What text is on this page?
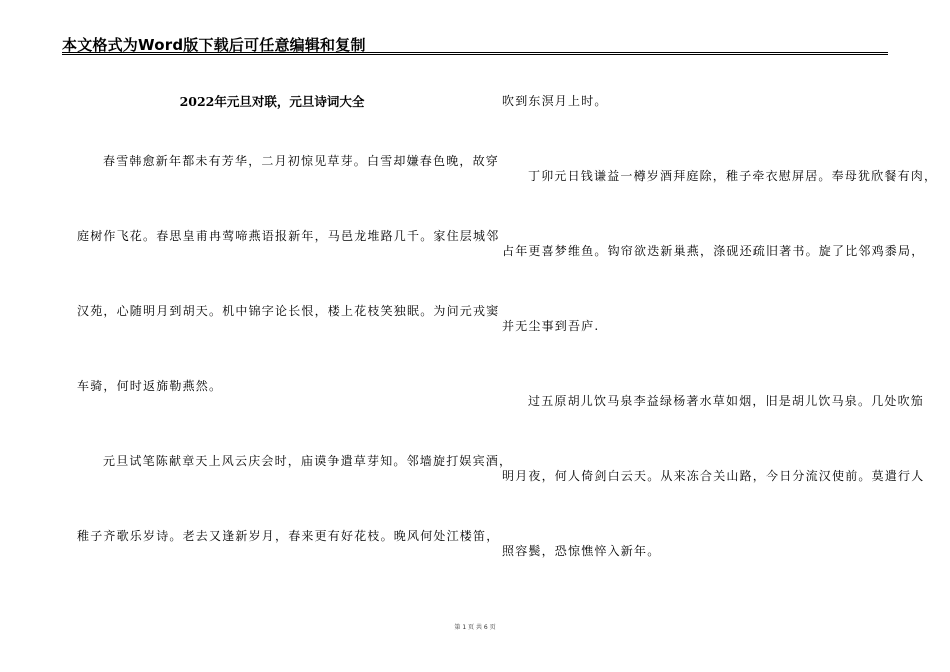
本文格式为Word版下载后可任意编辑和复制
2022年元旦对联，元旦诗词大全
春雪韩愈新年都未有芳华，二月初惊见草芽。白雪却嫌春色晚，故穿
庭树作飞花。春思皇甫冉莺啼燕语报新年，马邑龙堆路几千。家住层城邻
汉苑，心随明月到胡天。机中锦字论长恨，楼上花枝笑独眠。为问元戎窦
车骑，何时返旆勒燕然。
元旦试笔陈献章天上风云庆会时，庙谟争遣草芽知。邻墙旋打娱宾酒，
稚子齐歌乐岁诗。老去又逢新岁月，春来更有好花枝。晚风何处江楼笛，
吹到东溟月上时。
丁卯元日钱谦益一樽岁酒拜庭除，稚子牵衣慰屏居。奉母犹欣餐有肉，
占年更喜梦维鱼。钩帘欲迭新巢燕，涤砚还疏旧著书。旋了比邻鸡黍局，
并无尘事到吾庐.
过五原胡儿饮马泉李益绿杨著水草如烟，旧是胡儿饮马泉。几处吹笳
明月夜，何人倚剑白云天。从来冻合关山路，今日分流汉使前。莫遣行人
照容鬓，恐惊憔悴入新年。
第 1 页 共 6 页
